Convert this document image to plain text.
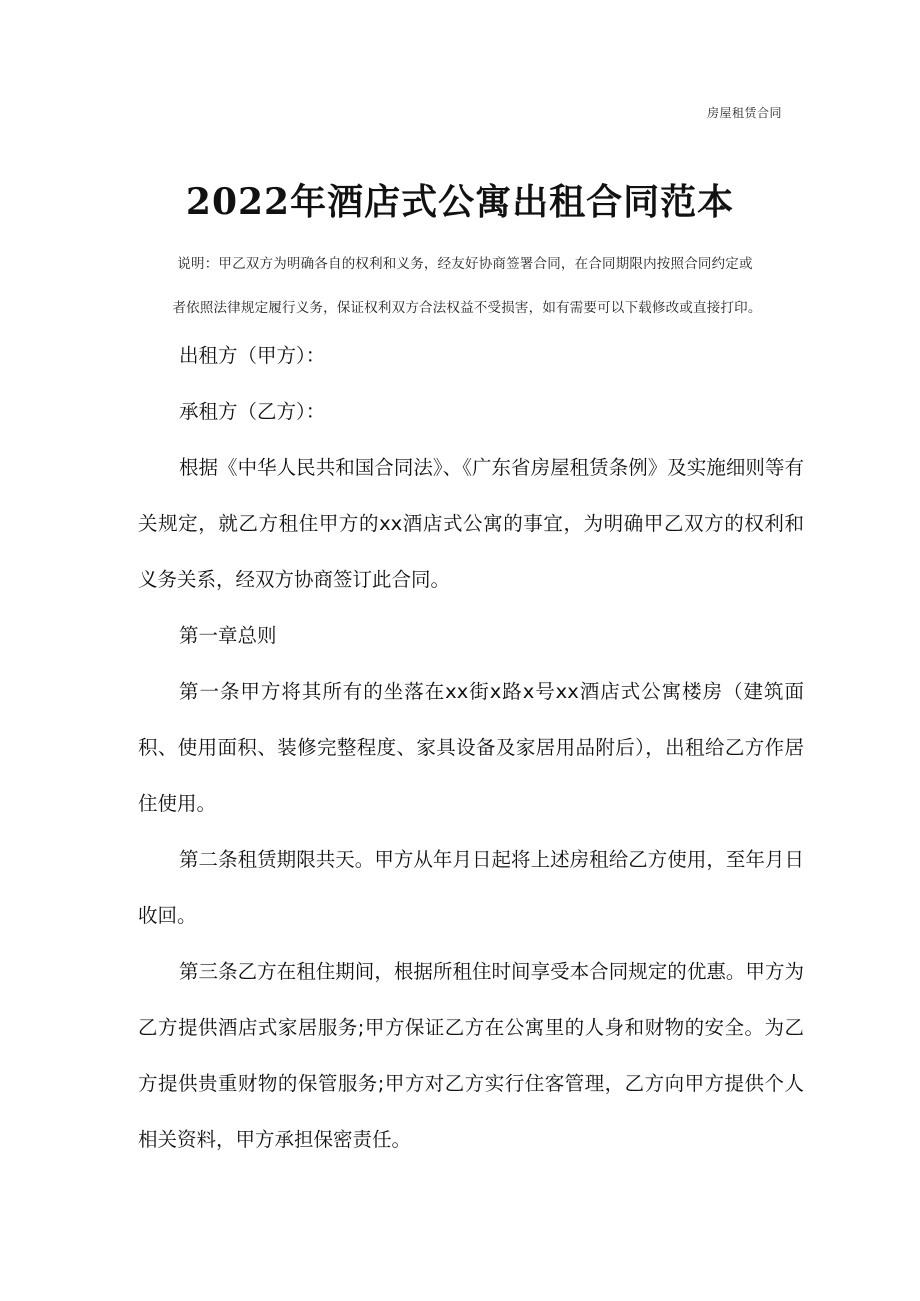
房屋租赁合同
2022年酒店式公寓出租合同范本
说明：甲乙双方为明确各自的权利和义务，经友好协商签署合同，在合同期限内按照合同约定或
者依照法律规定履行义务，保证权利双方合法权益不受损害，如有需要可以下载修改或直接打印。

出租方（甲方）：

承租方（乙方）：

根据《中华人民共和国合同法》、《广东省房屋租赁条例》及实施细则等有关规定，就乙方租住甲方的xx酒店式公寓的事宜，为明确甲乙双方的权利和义务关系，经双方协商签订此合同。

第一章总则

第一条甲方将其所有的坐落在xx街x路x号xx酒店式公寓楼房（建筑面积、使用面积、装修完整程度、家具设备及家居用品附后），出租给乙方作居住使用。

第二条租赁期限共天。甲方从年月日起将上述房租给乙方使用，至年月日收回。

第三条乙方在租住期间，根据所租住时间享受本合同规定的优惠。甲方为乙方提供酒店式家居服务;甲方保证乙方在公寓里的人身和财物的安全。为乙方提供贵重财物的保管服务;甲方对乙方实行住客管理，乙方向甲方提供个人相关资料，甲方承担保密责任。
